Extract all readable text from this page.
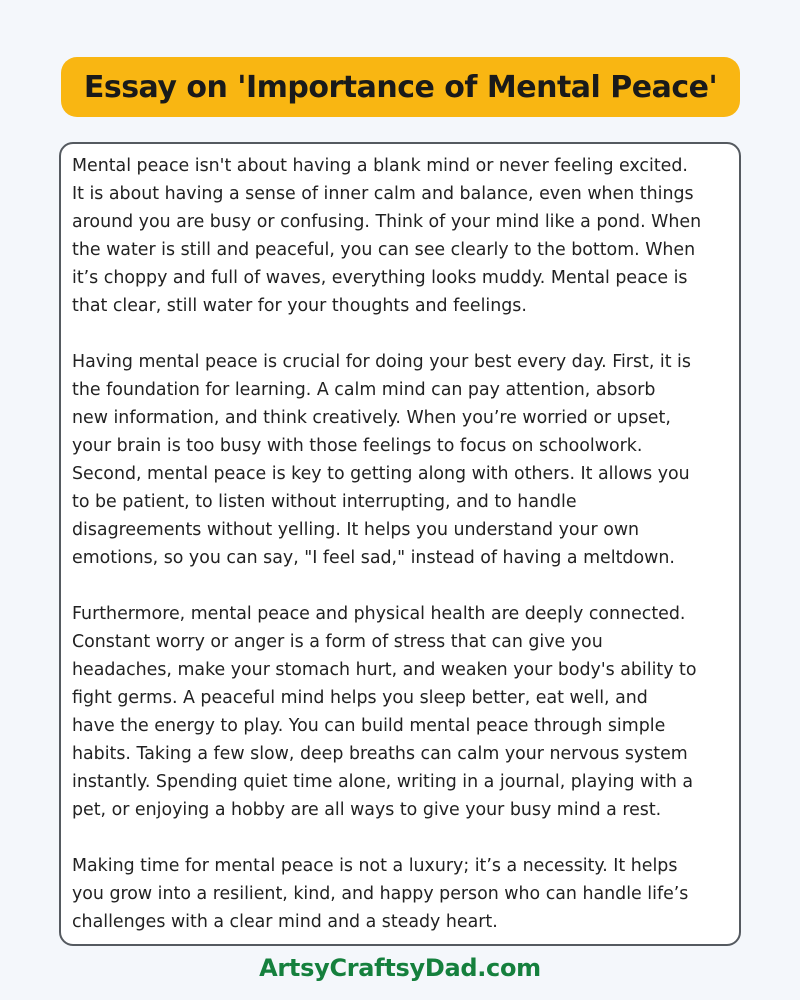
Essay on 'Importance of Mental Peace'

Mental peace isn't about having a blank mind or never feeling excited.
It is about having a sense of inner calm and balance, even when things
around you are busy or confusing. Think of your mind like a pond. When
the water is still and peaceful, you can see clearly to the bottom. When
it’s choppy and full of waves, everything looks muddy. Mental peace is
that clear, still water for your thoughts and feelings.

Having mental peace is crucial for doing your best every day. First, it is
the foundation for learning. A calm mind can pay attention, absorb
new information, and think creatively. When you’re worried or upset,
your brain is too busy with those feelings to focus on schoolwork.
Second, mental peace is key to getting along with others. It allows you
to be patient, to listen without interrupting, and to handle
disagreements without yelling. It helps you understand your own
emotions, so you can say, "I feel sad," instead of having a meltdown.

Furthermore, mental peace and physical health are deeply connected.
Constant worry or anger is a form of stress that can give you
headaches, make your stomach hurt, and weaken your body's ability to
fight germs. A peaceful mind helps you sleep better, eat well, and
have the energy to play. You can build mental peace through simple
habits. Taking a few slow, deep breaths can calm your nervous system
instantly. Spending quiet time alone, writing in a journal, playing with a
pet, or enjoying a hobby are all ways to give your busy mind a rest.

Making time for mental peace is not a luxury; it’s a necessity. It helps
you grow into a resilient, kind, and happy person who can handle life’s
challenges with a clear mind and a steady heart.

ArtsyCraftsyDad.com
